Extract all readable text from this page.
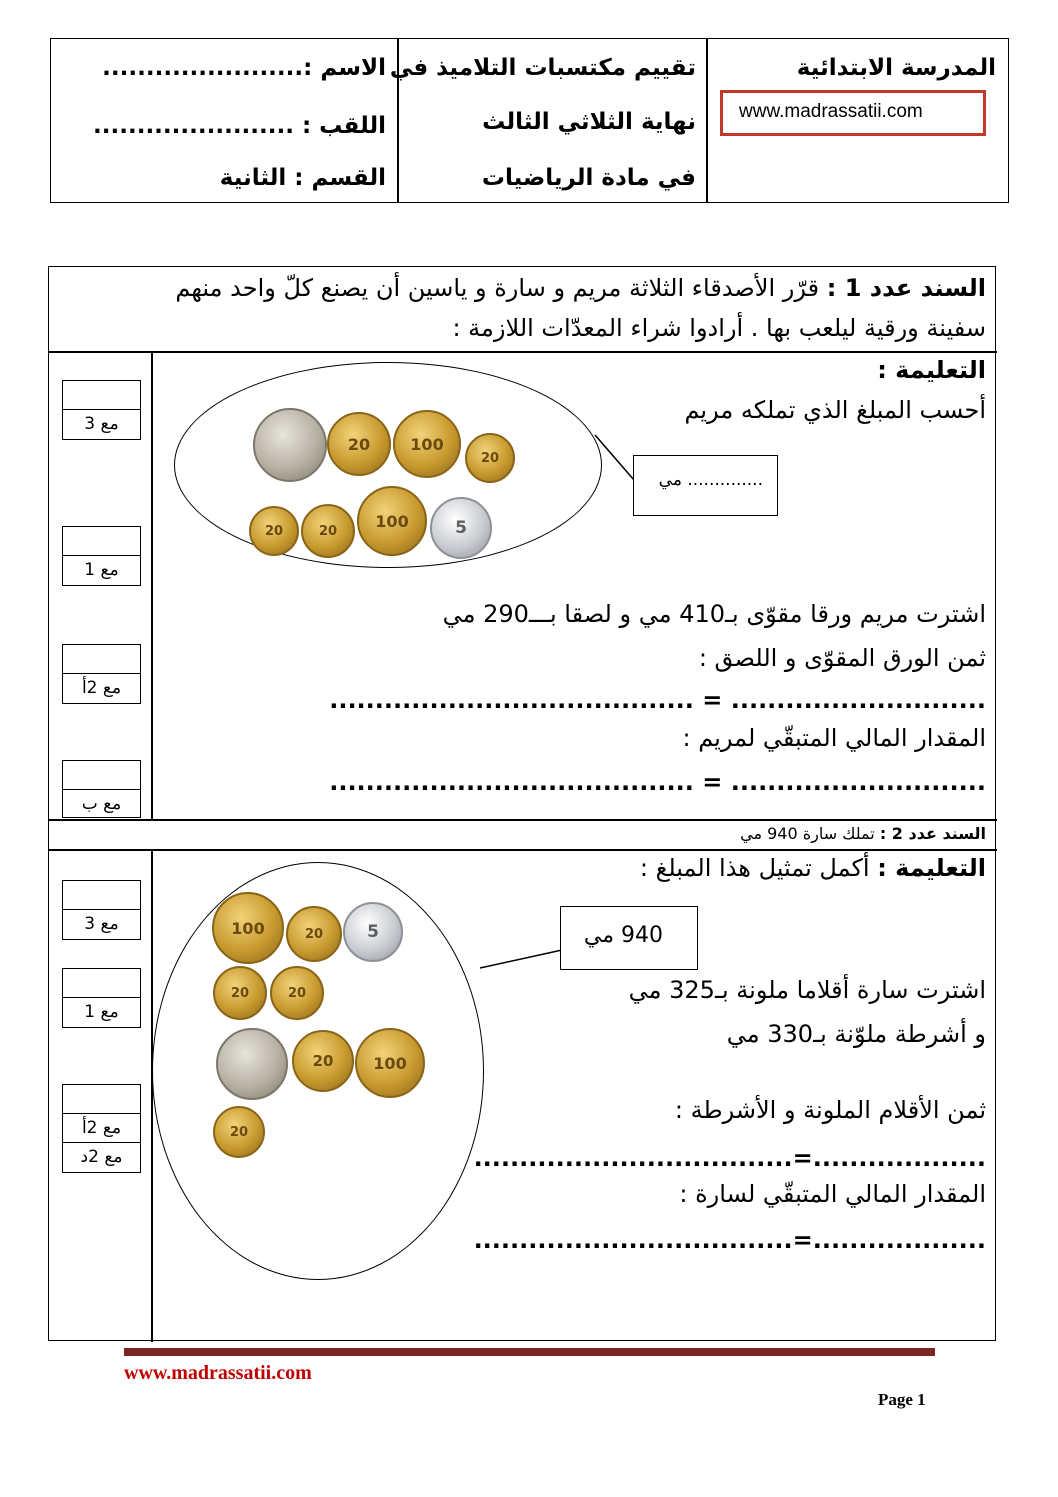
المدرسة الابتدائية
تقييم مكتسبات التلاميذ في
نهاية الثلاثي الثالث
في مادة الرياضيات
الاسم :.......................
اللقب : .......................
القسم : الثانية
www.madrassatii.com
السند عدد 1 : قرّر الأصدقاء الثلاثة مريم و سارة و ياسين أن يصنع كلّ واحد منهم
سفينة ورقية ليلعب بها . أرادوا شراء المعدّات اللازمة :
التعليمة :
أحسب المبلغ الذي تملكه مريم
20	100
20
20	20
100	5
.............. مي
اشترت مريم ورقا مقوّى بـ410 مي و لصقا بـــ290 مي
ثمن الورق المقوّى و اللصق :
............................ = ........................................
المقدار المالي المتبقّي لمريم :
............................ = ........................................
مع 3
مع 1
مع 2أ
مع ب
السند عدد 2 : تملك سارة 940 مي
التعليمة : أكمل تمثيل هذا المبلغ :
100	20	5
20	20
20	100
20
940 مي
اشترت سارة أقلاما ملونة بـ325 مي
و أشرطة ملوّنة بـ330 مي
ثمن الأقلام الملونة و الأشرطة :
...................=...................................
المقدار المالي المتبقّي لسارة :
...................=...................................
مع 3
مع 1
مع 2أ
مع 2د
www.madrassatii.com
Page 1
